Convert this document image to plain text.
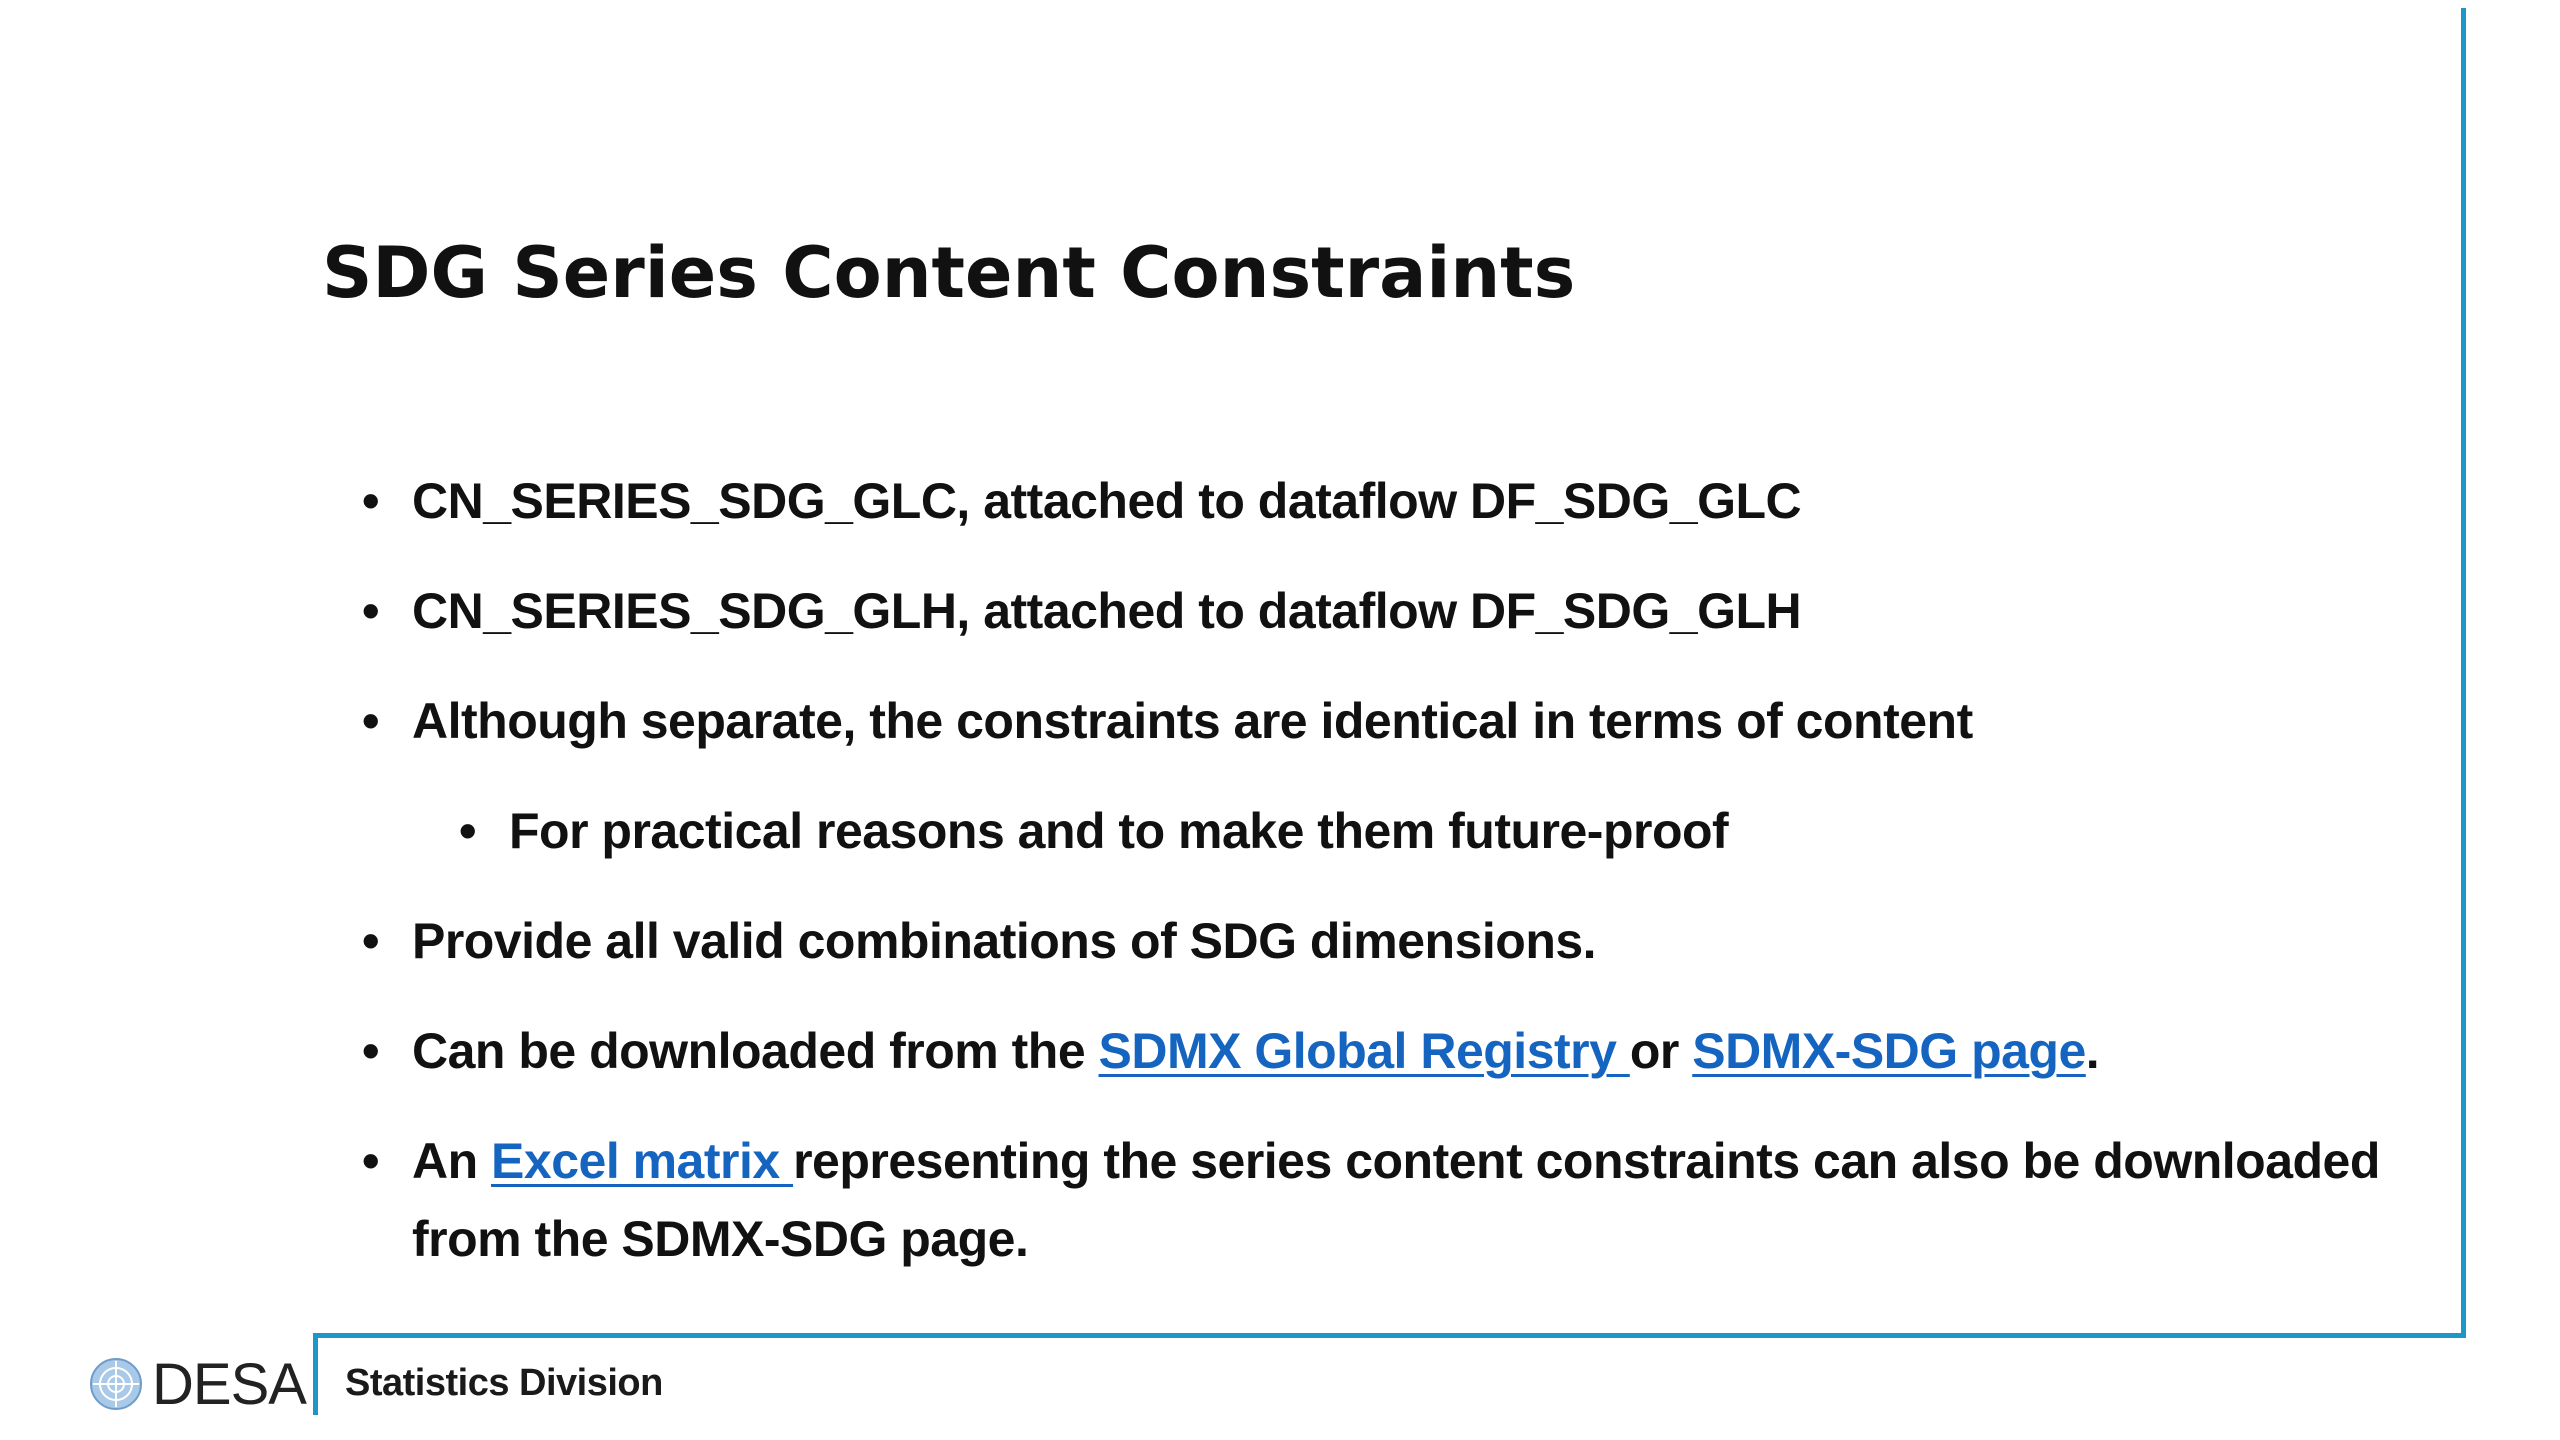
SDG Series Content Constraints
• CN_SERIES_SDG_GLC, attached to dataflow DF_SDG_GLC
• CN_SERIES_SDG_GLH, attached to dataflow DF_SDG_GLH
• Although separate, the constraints are identical in terms of content
• For practical reasons and to make them future-proof
• Provide all valid combinations of SDG dimensions.
• Can be downloaded from the SDMX Global Registry or SDMX-SDG page.
• An Excel matrix representing the series content constraints can also be downloaded from the SDMX-SDG page.
DESA Statistics Division
